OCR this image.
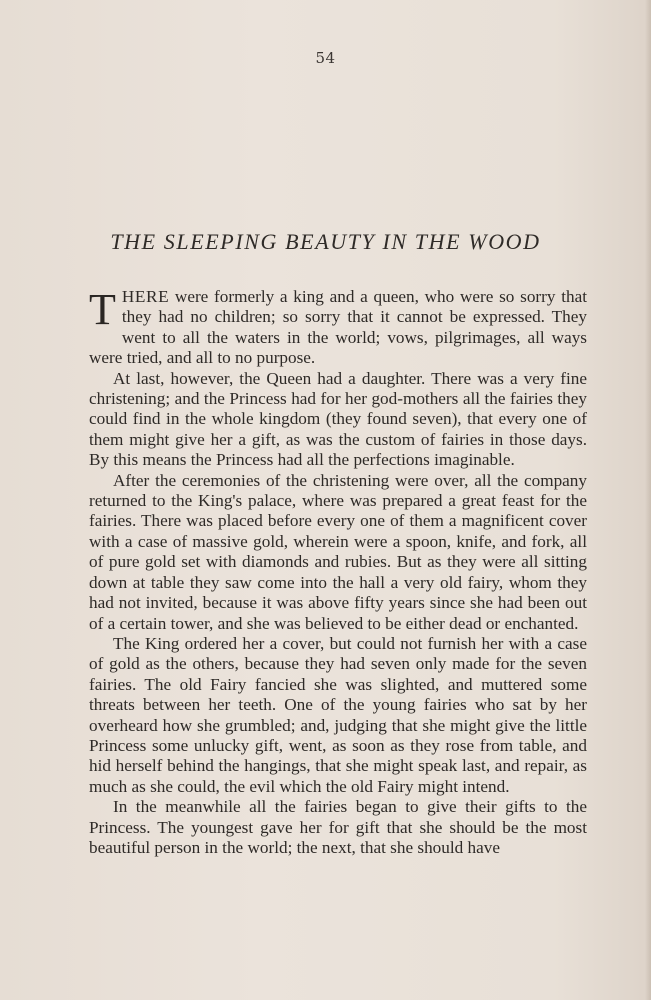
54
THE SLEEPING BEAUTY IN THE WOOD

THERE were formerly a king and a queen, who were so sorry that they had no children; so sorry that it cannot be expressed. They went to all the waters in the world; vows, pilgrimages, all ways were tried, and all to no purpose.

At last, however, the Queen had a daughter. There was a very fine christening; and the Princess had for her god-mothers all the fairies they could find in the whole kingdom (they found seven), that every one of them might give her a gift, as was the custom of fairies in those days. By this means the Princess had all the perfections imaginable.

After the ceremonies of the christening were over, all the company returned to the King's palace, where was prepared a great feast for the fairies. There was placed before every one of them a magnificent cover with a case of massive gold, wherein were a spoon, knife, and fork, all of pure gold set with diamonds and rubies. But as they were all sitting down at table they saw come into the hall a very old fairy, whom they had not invited, because it was above fifty years since she had been out of a certain tower, and she was believed to be either dead or enchanted.

The King ordered her a cover, but could not furnish her with a case of gold as the others, because they had seven only made for the seven fairies. The old Fairy fancied she was slighted, and muttered some threats between her teeth. One of the young fairies who sat by her overheard how she grumbled; and, judging that she might give the little Princess some unlucky gift, went, as soon as they rose from table, and hid herself behind the hangings, that she might speak last, and repair, as much as she could, the evil which the old Fairy might intend.

In the meanwhile all the fairies began to give their gifts to the Princess. The youngest gave her for gift that she should be the most beautiful person in the world; the next, that she should have
